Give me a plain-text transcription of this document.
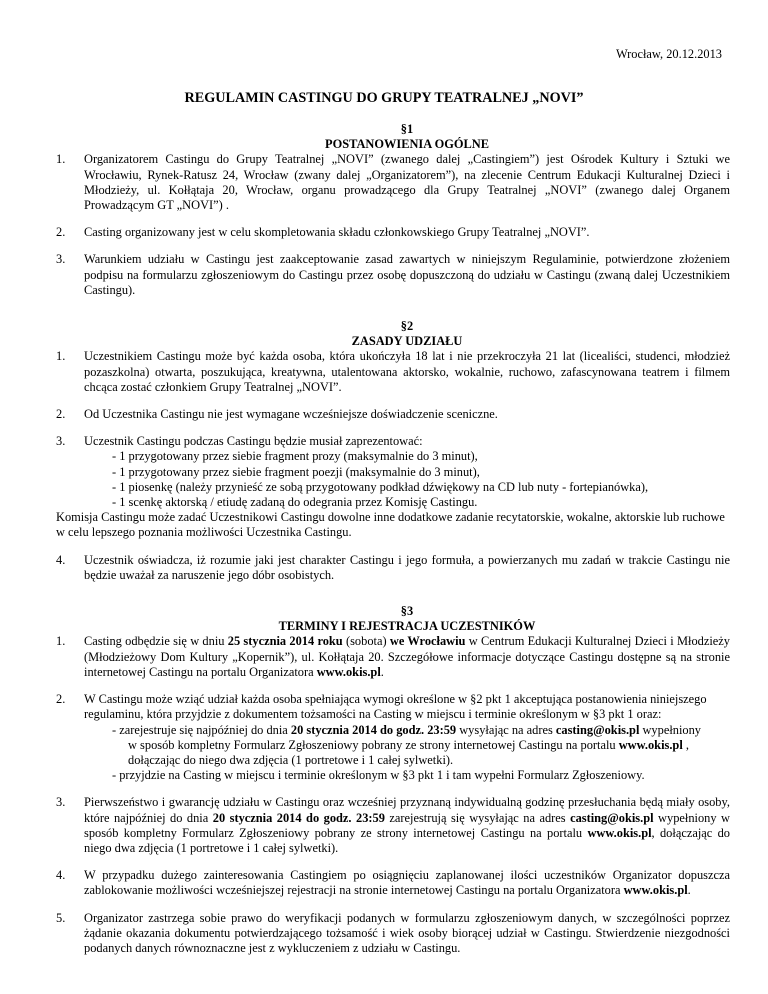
Wrocław, 20.12.2013
REGULAMIN CASTINGU DO GRUPY TEATRALNEJ „NOVI”
§1
POSTANOWIENIA OGÓLNE
1. Organizatorem Castingu do Grupy Teatralnej „NOVI” (zwanego dalej „Castingiem”) jest Ośrodek Kultury i Sztuki we Wrocławiu, Rynek-Ratusz 24, Wrocław (zwany dalej „Organizatorem”), na zlecenie Centrum Edukacji Kulturalnej Dzieci i Młodzieży, ul. Kołłątaja 20, Wrocław, organu prowadzącego dla Grupy Teatralnej „NOVI” (zwanego dalej Organem Prowadzącym GT „NOVI”) .
2. Casting organizowany jest w celu skompletowania składu członkowskiego Grupy Teatralnej „NOVI”.
3. Warunkiem udziału w Castingu jest zaakceptowanie zasad zawartych w niniejszym Regulaminie, potwierdzone złożeniem podpisu na formularzu zgłoszeniowym do Castingu przez osobę dopuszczoną do udziału w Castingu (zwaną dalej Uczestnikiem Castingu).
§2
ZASADY UDZIAŁU
1. Uczestnikiem Castingu może być każda osoba, która ukończyła 18 lat i nie przekroczyła 21 lat (licealiści, studenci, młodzież pozaszkolna) otwarta, poszukująca, kreatywna, utalentowana aktorsko, wokalnie, ruchowo, zafascynowana teatrem i filmem chcąca zostać członkiem Grupy Teatralnej „NOVI”.
2. Od Uczestnika Castingu nie jest wymagane wcześniejsze doświadczenie sceniczne.
3. Uczestnik Castingu podczas Castingu będzie musiał zaprezentować:
- 1 przygotowany przez siebie fragment prozy (maksymalnie do 3 minut),
- 1 przygotowany przez siebie fragment poezji (maksymalnie do 3 minut),
- 1 piosenkę (należy przynieść ze sobą przygotowany podkład dźwiękowy na CD lub nuty - fortepianówka),
- 1 scenkę aktorską / etiudę zadaną do odegrania przez Komisję Castingu.
Komisja Castingu może zadać Uczestnikowi Castingu dowolne inne dodatkowe zadanie recytatorskie, wokalne, aktorskie lub ruchowe w celu lepszego poznania możliwości Uczestnika Castingu.
4. Uczestnik oświadcza, iż rozumie jaki jest charakter Castingu i jego formuła, a powierzanych mu zadań w trakcie Castingu nie będzie uważał za naruszenie jego dóbr osobistych.
§3
TERMINY I REJESTRACJA UCZESTNIKÓW
1. Casting odbędzie się w dniu 25 stycznia 2014 roku (sobota) we Wrocławiu w Centrum Edukacji Kulturalnej Dzieci i Młodzieży (Młodzieżowy Dom Kultury „Kopernik”), ul. Kołłątaja 20. Szczegółowe informacje dotyczące Castingu dostępne są na stronie internetowej Castingu na portalu Organizatora www.okis.pl.
2. W Castingu może wziąć udział każda osoba spełniająca wymogi określone w §2 pkt 1 akceptująca postanowienia niniejszego regulaminu, która przyjdzie z dokumentem tożsamości na Casting w miejscu i terminie określonym w §3 pkt 1 oraz:
- zarejestruje się najpóźniej do dnia 20 stycznia 2014 do godz. 23:59 wysyłając na adres casting@okis.pl wypełniony
w sposób kompletny Formularz Zgłoszeniowy pobrany ze strony internetowej Castingu na portalu www.okis.pl ,
dołączając do niego dwa zdjęcia (1 portretowe i 1 całej sylwetki).
- przyjdzie na Casting w miejscu i terminie określonym w §3 pkt 1 i tam wypełni Formularz Zgłoszeniowy.
3. Pierwszeństwo i gwarancję udziału w Castingu oraz wcześniej przyznaną indywidualną godzinę przesłuchania będą miały osoby, które najpóźniej do dnia 20 stycznia 2014 do godz. 23:59 zarejestrują się wysyłając na adres casting@okis.pl wypełniony w sposób kompletny Formularz Zgłoszeniowy pobrany ze strony internetowej Castingu na portalu www.okis.pl, dołączając do niego dwa zdjęcia (1 portretowe i 1 całej sylwetki).
4. W przypadku dużego zainteresowania Castingiem po osiągnięciu zaplanowanej ilości uczestników Organizator dopuszcza zablokowanie możliwości wcześniejszej rejestracji na stronie internetowej Castingu na portalu Organizatora www.okis.pl.
5. Organizator zastrzega sobie prawo do weryfikacji podanych w formularzu zgłoszeniowym danych, w szczególności poprzez żądanie okazania dokumentu potwierdzającego tożsamość i wiek osoby biorącej udział w Castingu. Stwierdzenie niezgodności podanych danych równoznaczne jest z wykluczeniem z udziału w Castingu.
